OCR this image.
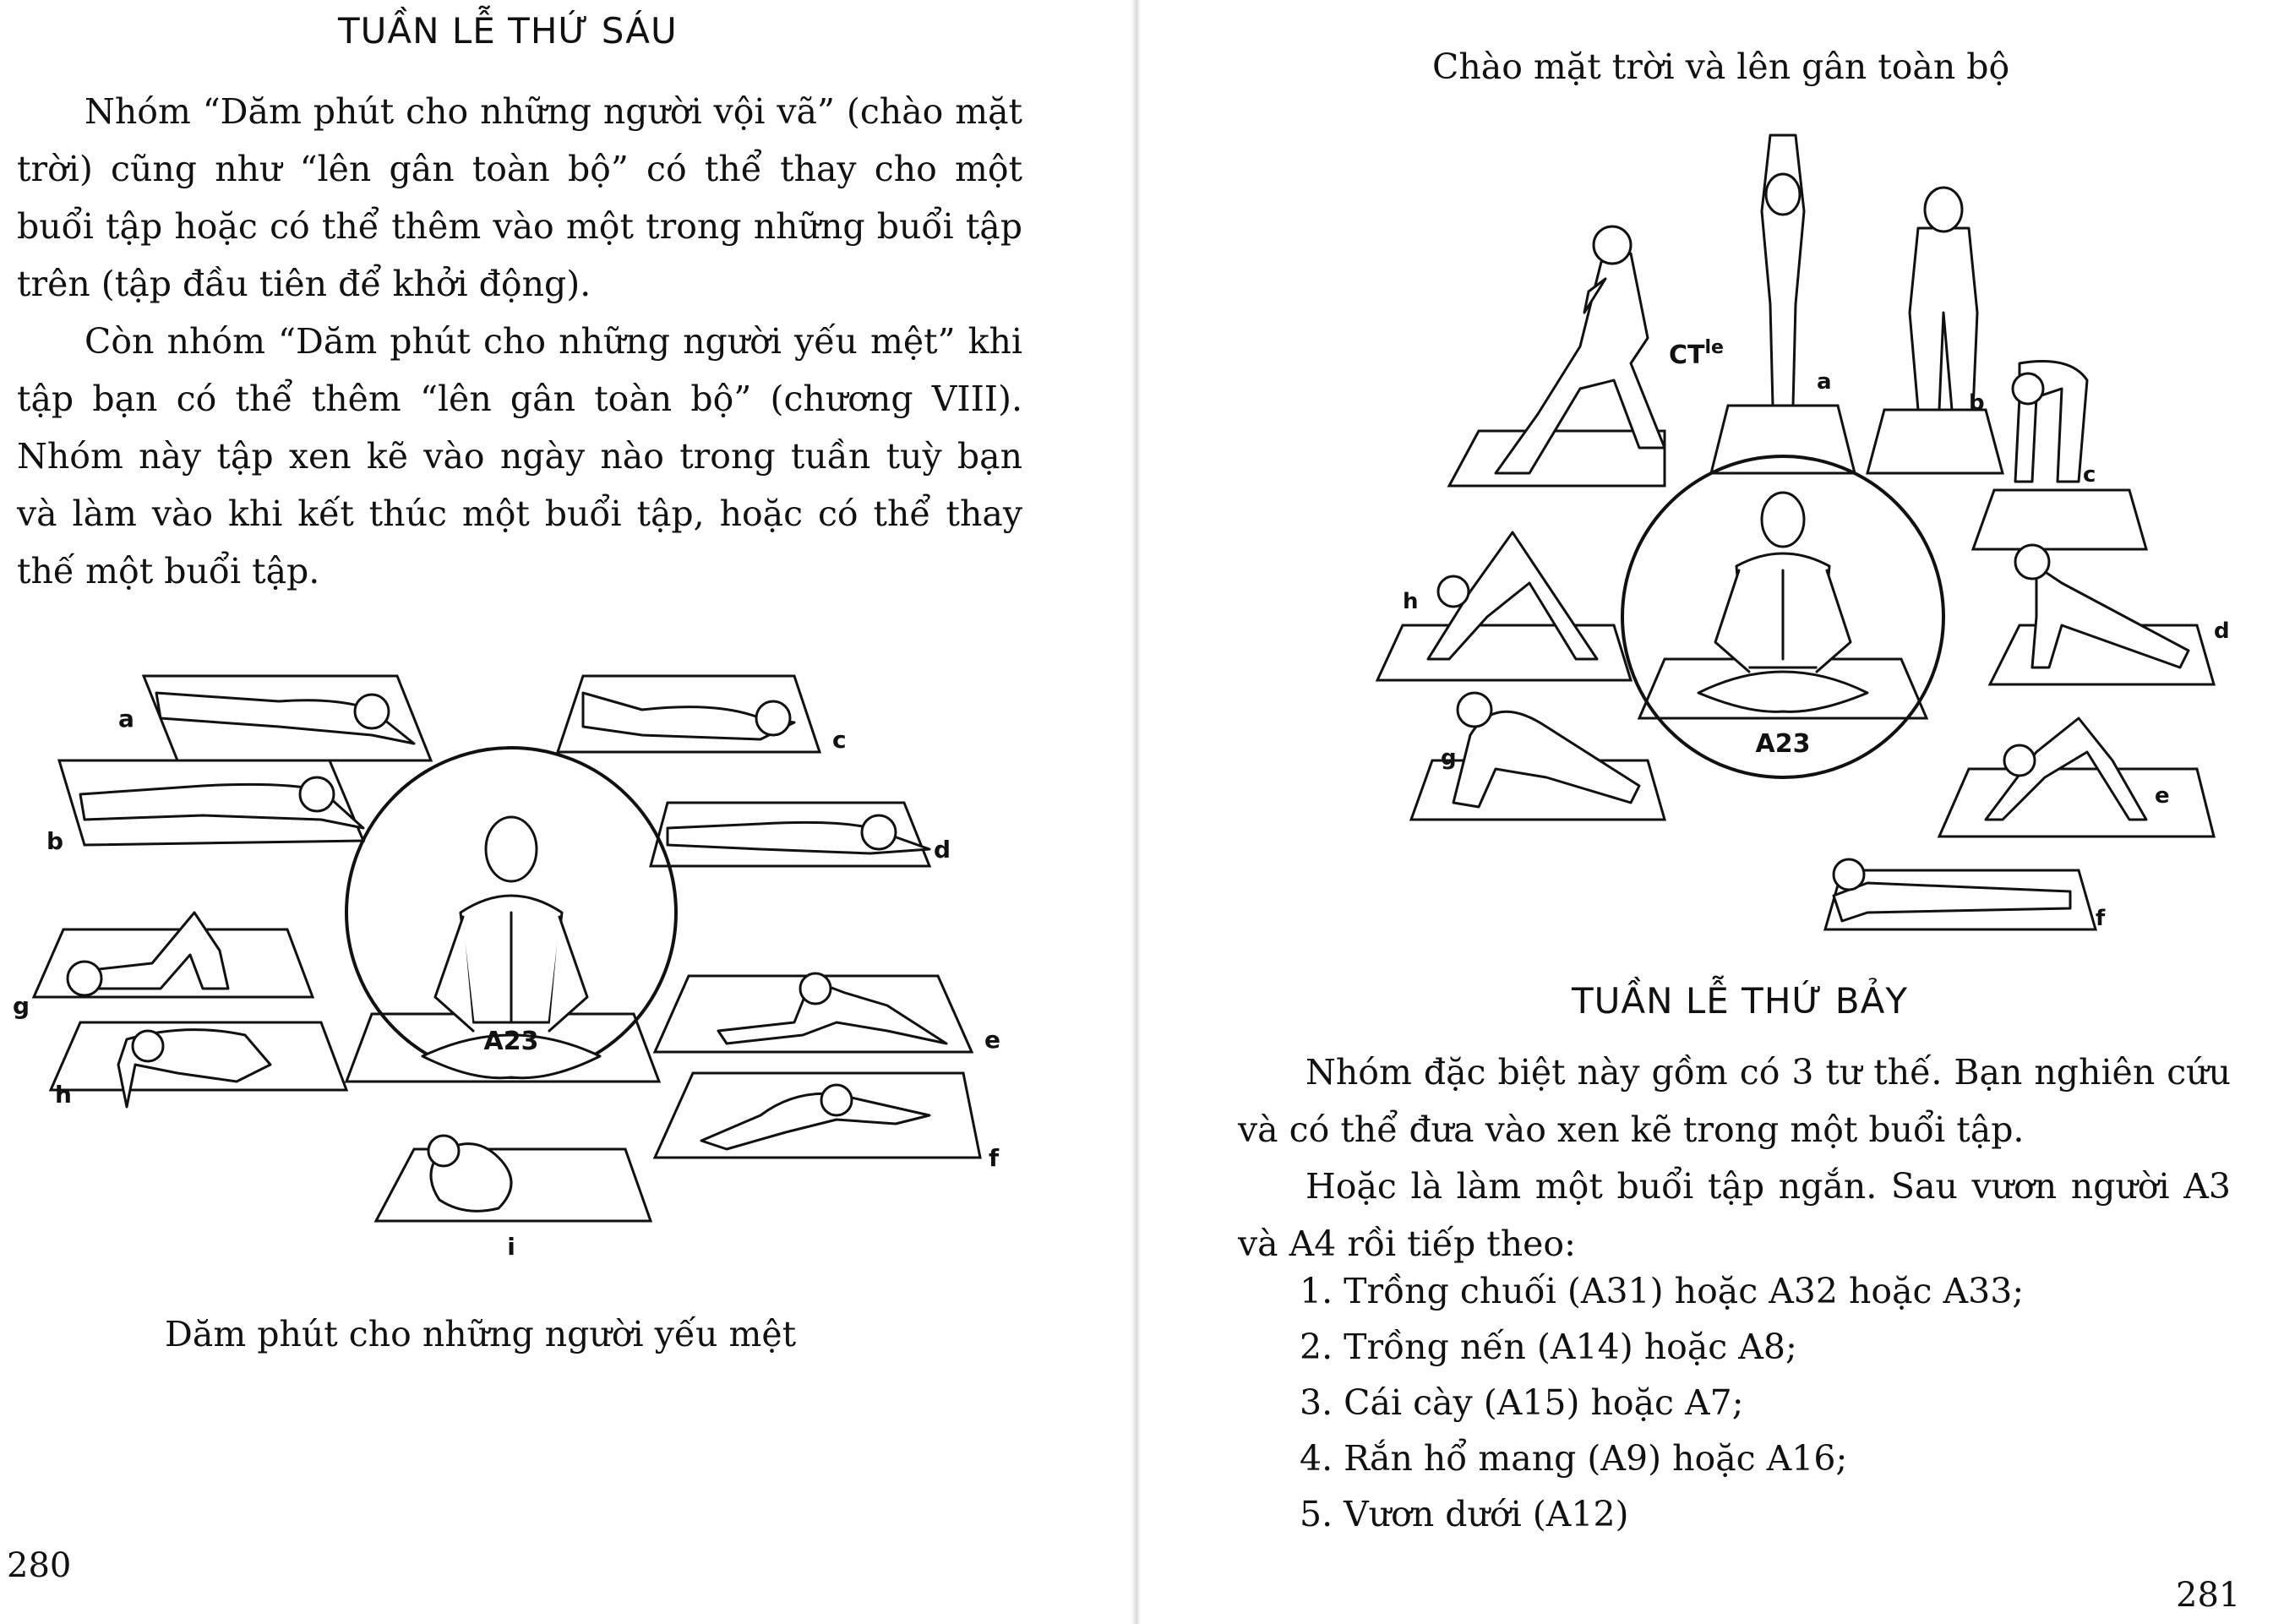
TUẦN LỄ THỨ SÁU

Nhóm “Dăm phút cho những người vội vã” (chào mặt trời) cũng như “lên gân toàn bộ” có thể thay cho một buổi tập hoặc có thể thêm vào một trong những buổi tập trên (tập đầu tiên để khởi động).

Còn nhóm “Dăm phút cho những người yếu mệt” khi tập bạn có thể thêm “lên gân toàn bộ” (chương VIII). Nhóm này tập xen kẽ vào ngày nào trong tuần tuỳ bạn và làm vào khi kết thúc một buổi tập, hoặc có thể thay thế một buổi tập.

A23
a
b
c
d
g
h
e
f
i
Dăm phút cho những người yếu mệt
280
Chào mặt trời và lên gân toàn bộ
A23
$CT^{le}$
a
b
c
d
e
f
g
h
TUẦN LỄ THỨ BẢY

Nhóm đặc biệt này gồm có 3 tư thế. Bạn nghiên cứu và có thể đưa vào xen kẽ trong một buổi tập.

Hoặc là làm một buổi tập ngắn. Sau vươn người A3 và A4 rồi tiếp theo:

1. Trồng chuối (A31) hoặc A32 hoặc A33;
2. Trồng nến (A14) hoặc A8;
3. Cái cày (A15) hoặc A7;
4. Rắn hổ mang (A9) hoặc A16;
5. Vươn dưới (A12)
281
